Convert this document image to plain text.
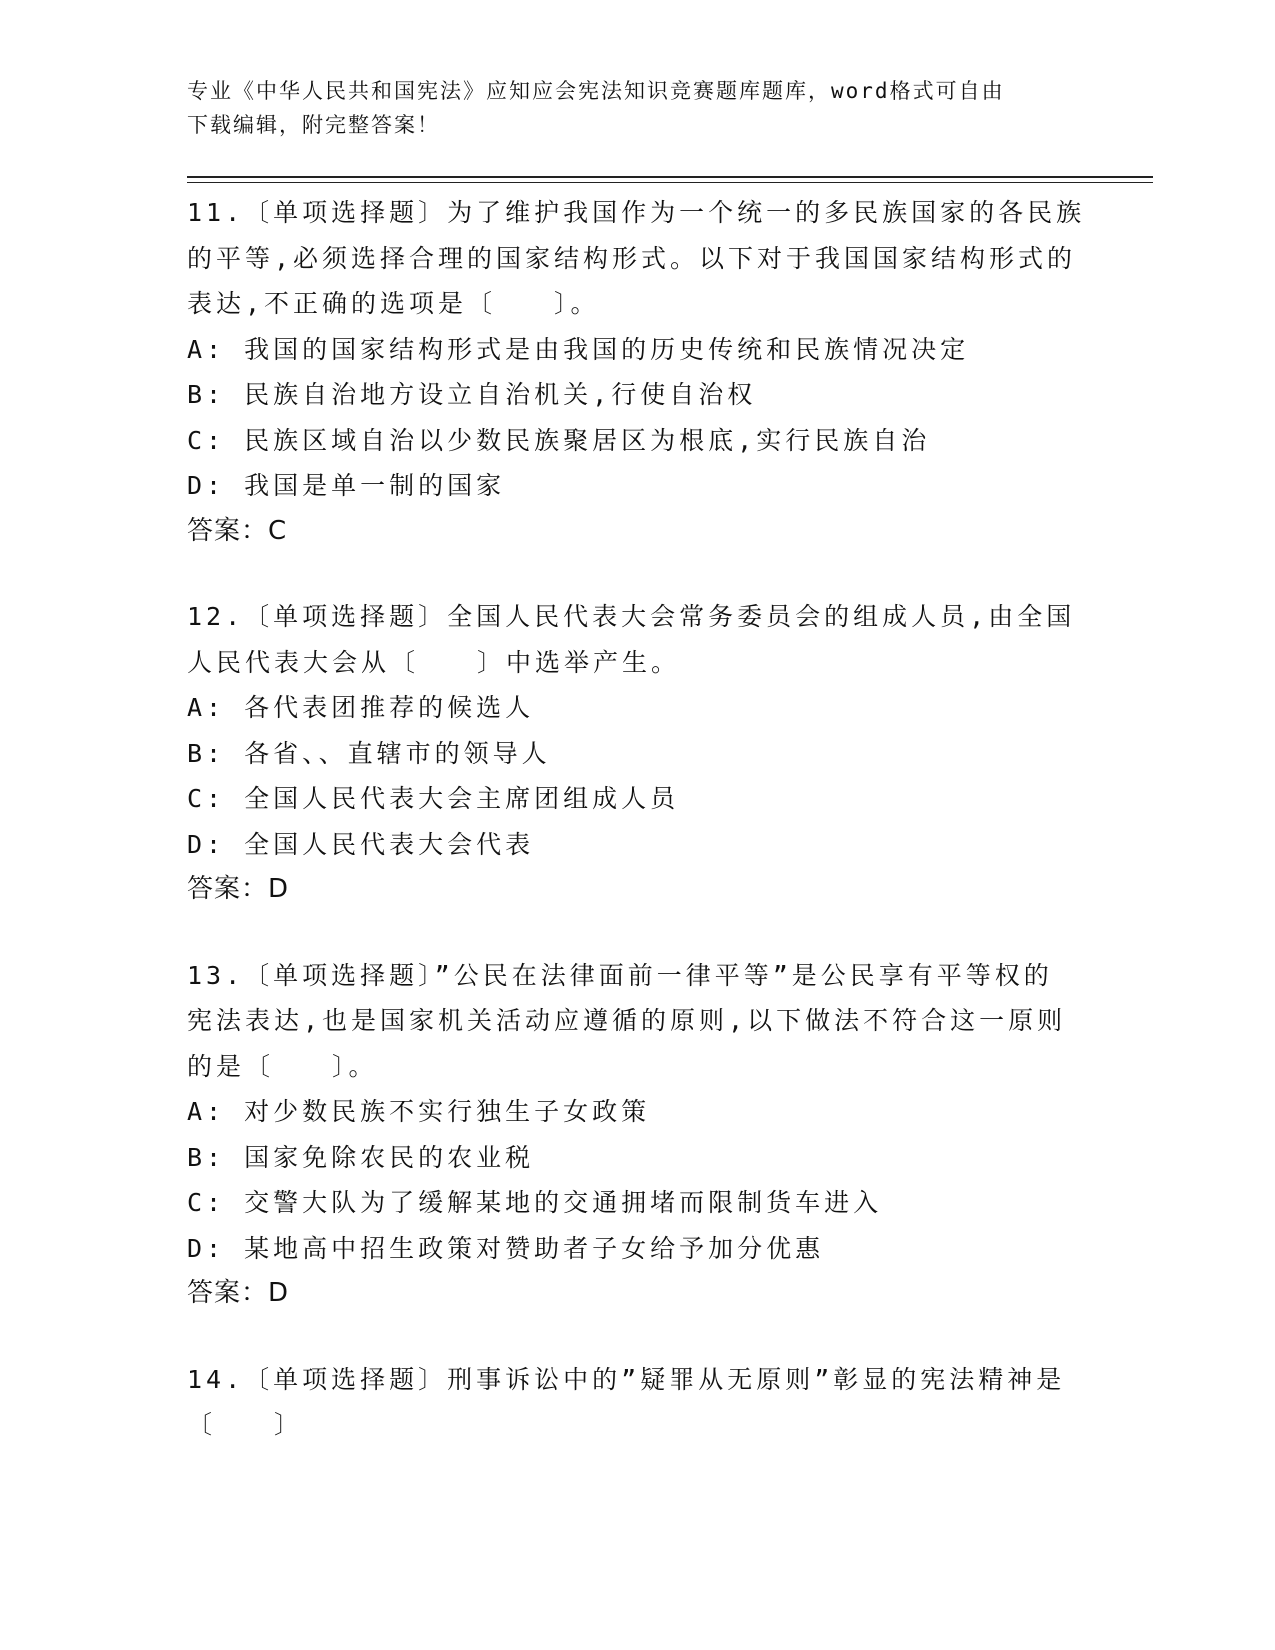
专业《中华人民共和国宪法》应知应会宪法知识竞赛题库题库，word格式可自由
下载编辑，附完整答案！
11.〔单项选择题〕为了维护我国作为一个统一的多民族国家的各民族
的平等,必须选择合理的国家结构形式。以下对于我国国家结构形式的
表达,不正确的选项是〔　　〕。
A: 我国的国家结构形式是由我国的历史传统和民族情况决定
B: 民族自治地方设立自治机关,行使自治权
C: 民族区域自治以少数民族聚居区为根底,实行民族自治
D: 我国是单一制的国家
答案：C
12.〔单项选择题〕全国人民代表大会常务委员会的组成人员,由全国
人民代表大会从〔　　〕中选举产生。
A: 各代表团推荐的候选人
B: 各省、、直辖市的领导人
C: 全国人民代表大会主席团组成人员
D: 全国人民代表大会代表
答案：D
13.〔单项选择题〕”公民在法律面前一律平等”是公民享有平等权的
宪法表达,也是国家机关活动应遵循的原则,以下做法不符合这一原则
的是〔　　〕。
A: 对少数民族不实行独生子女政策
B: 国家免除农民的农业税
C: 交警大队为了缓解某地的交通拥堵而限制货车进入
D: 某地高中招生政策对赞助者子女给予加分优惠
答案：D
14.〔单项选择题〕刑事诉讼中的”疑罪从无原则”彰显的宪法精神是
〔　　〕
